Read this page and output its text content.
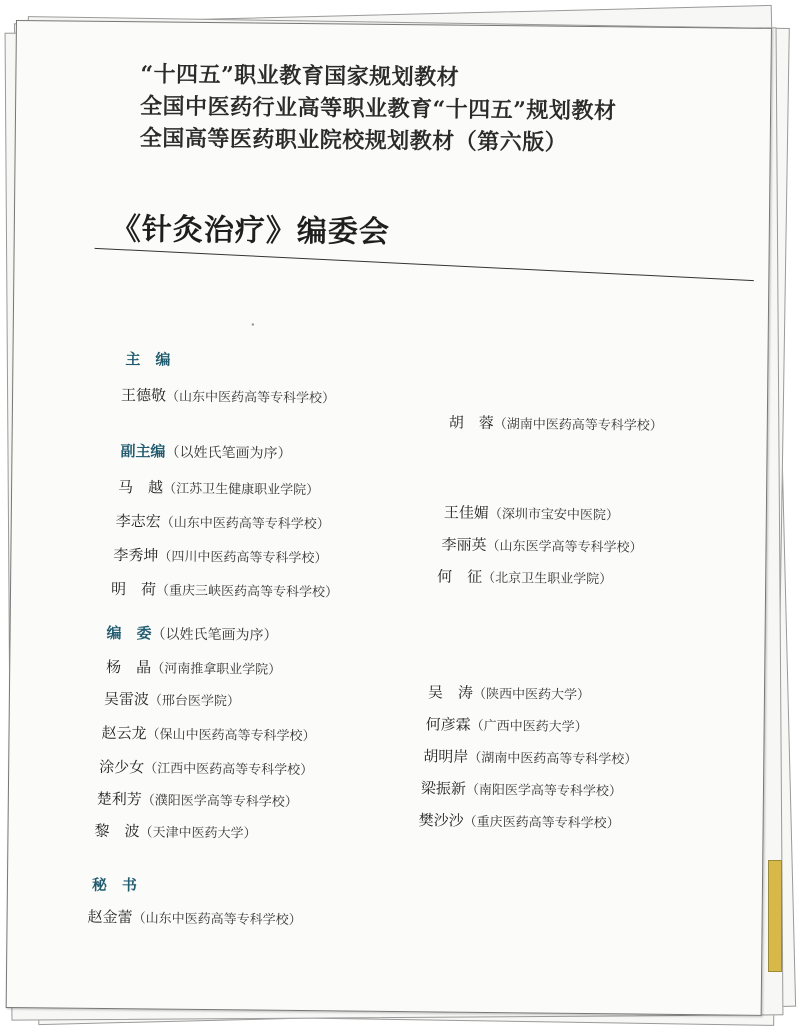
“十四五”职业教育国家规划教材
全国中医药行业高等职业教育“十四五”规划教材
全国高等医药职业院校规划教材（第六版）
《针灸治疗》编委会
主　编
王德敬（山东中医药高等专科学校）
胡　蓉（湖南中医药高等专科学校）
副主编（以姓氏笔画为序）
马　越（江苏卫生健康职业学院）
李志宏（山东中医药高等专科学校）
李秀坤（四川中医药高等专科学校）
明　荷（重庆三峡医药高等专科学校）
王佳媚（深圳市宝安中医院）
李丽英（山东医学高等专科学校）
何　征（北京卫生职业学院）
编　委（以姓氏笔画为序）
杨　晶（河南推拿职业学院）
吴雷波（邢台医学院）
赵云龙（保山中医药高等专科学校）
涂少女（江西中医药高等专科学校）
楚利芳（濮阳医学高等专科学校）
黎　波（天津中医药大学）
吴　涛（陕西中医药大学）
何彦霖（广西中医药大学）
胡明岸（湖南中医药高等专科学校）
梁振新（南阳医学高等专科学校）
樊沙沙（重庆医药高等专科学校）
秘　书
赵金蕾（山东中医药高等专科学校）
